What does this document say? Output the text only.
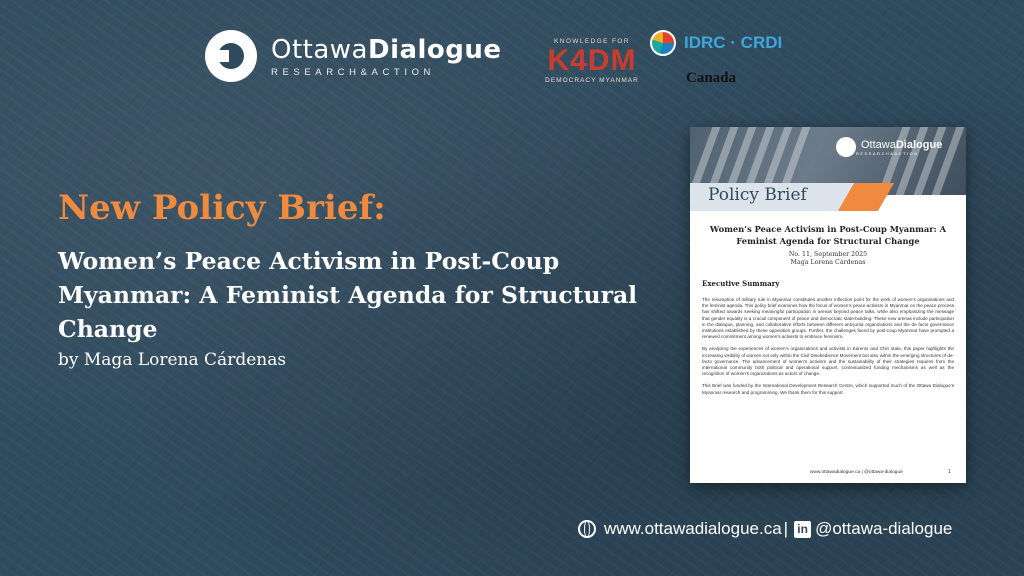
OttawaDialogue
RESEARCH&ACTION
KNOWLEDGE FOR
K4DM
DEMOCRACY MYANMAR
IDRC · CRDI
Canada
New Policy Brief:
Women’s Peace Activism in Post-Coup Myanmar: A Feminist Agenda for Structural Change
by Maga Lorena Cárdenas
OttawaDialogue
RESEARCH&ACTION
Policy Brief
Women’s Peace Activism in Post-Coup Myanmar: A Feminist Agenda for Structural Change
No. 11, September 2025
Maga Lorena Cárdenas
Executive Summary

The resumption of military rule in Myanmar constitutes another inflection point for the work of women’s organizations and the feminist agenda. This policy brief examines how the focus of women’s peace activism in Myanmar on the peace process has shifted towards seeking meaningful participation in arenas beyond peace talks, while also emphasizing the message that gender equality is a crucial component of peace and democratic state-building. These new arenas include participation in the dialogue, planning, and collaborative efforts between different anti-junta organizations and the de facto governance institutions established by these opposition groups. Further, the challenges faced by post-coup Myanmar have prompted a renewed commitment among women’s activists to embrace feminism.

By analyzing the experiences of women’s organizations and activists in Karenni and Chin state, this paper highlights the increasing visibility of women not only within the Civil Disobedience Movement but also within the emerging structures of de-facto governance. The advancement of women’s activism and the sustainability of their strategies requires from the international community both political and operational support, contextualized funding mechanisms as well as the recognition of women’s organizations as actors of change.

This Brief was funded by the International Development Research Centre, which supported much of the Ottawa Dialogue’s Myanmar research and programming. We thank them for this support.

www.ottawadialogue.ca | @ottawa-dialogue	1
www.ottawadialogue.ca | in @ottawa-dialogue
